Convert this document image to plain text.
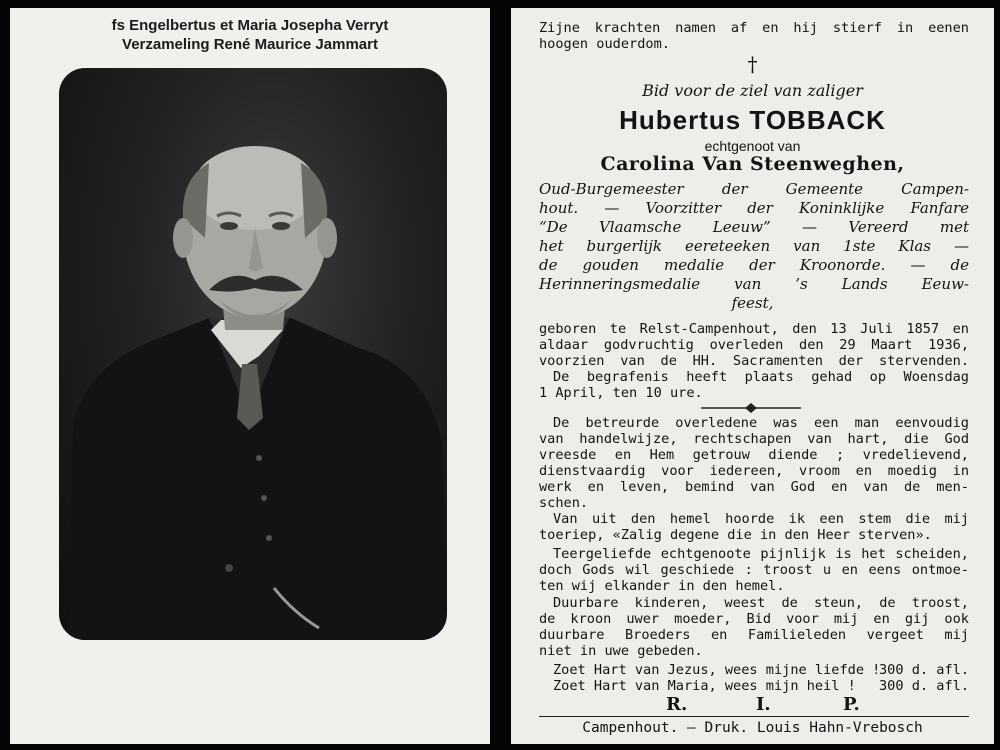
fs Engelbertus et Maria Josepha Verryt
Verzameling René Maurice Jammart
Zijne krachten namen af en hij stierf in eenen
hoogen ouderdom.
†
Bid voor de ziel van zaliger
Hubertus TOBBACK
echtgenoot van
Carolina Van Steenweghen,
Oud-Burgemeester der Gemeente Campen-
hout. — Voorzitter der Koninklijke Fanfare
“De Vlaamsche Leeuw” — Vereerd met
het burgerlijk eereteeken van 1ste Klas —
de gouden medalie der Kroonorde. — de
Herinneringsmedalie van ’s Lands Eeuw-
feest,
geboren te Relst-Campenhout, den 13 Juli 1857 en
aldaar godvruchtig overleden den 29 Maart 1936,
voorzien van de HH. Sacramenten der stervenden.
De begrafenis heeft plaats gehad op Woensdag
1 April, ten 10 ure.
De betreurde overledene was een man eenvoudig
van handelwijze, rechtschapen van hart, die God
vreesde en Hem getrouw diende ; vredelievend,
dienstvaardig voor iedereen, vroom en moedig in
werk en leven, bemind van God en van de men-
schen.
Van uit den hemel hoorde ik een stem die mij
toeriep, «Zalig degene die in den Heer sterven».
Teergeliefde echtgenoote pijnlijk is het scheiden,
doch Gods wil geschiede : troost u en eens ontmoe-
ten wij elkander in den hemel.
Duurbare kinderen, weest de steun, de troost,
de kroon uwer moeder, Bid voor mij en gij ook
duurbare Broeders en Familieleden vergeet mij
niet in uwe gebeden.
Zoet Hart van Jezus, wees mijne liefde !
300 d. afl.
Zoet Hart van Maria, wees mijn heil ! 300 d. afl.
R.	I.	P.
Campenhout. — Druk. Louis Hahn-Vrebosch
